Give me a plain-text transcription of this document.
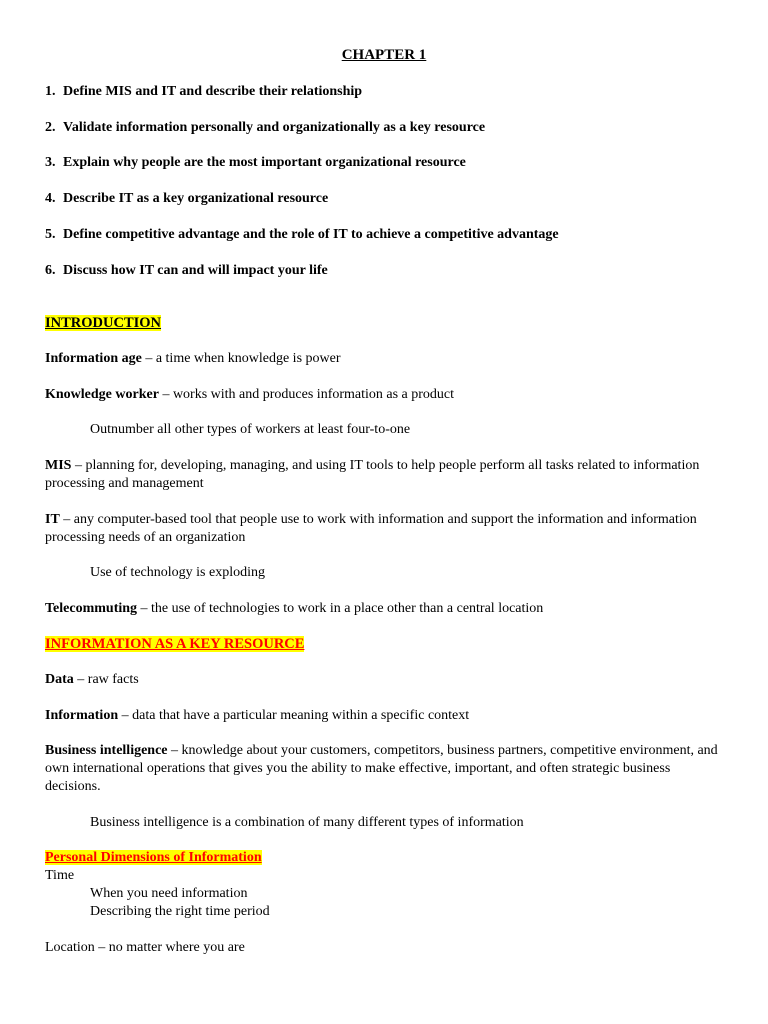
CHAPTER 1
1. Define MIS and IT and describe their relationship
2. Validate information personally and organizationally as a key resource
3. Explain why people are the most important organizational resource
4. Describe IT as a key organizational resource
5. Define competitive advantage and the role of IT to achieve a competitive advantage
6. Discuss how IT can and will impact your life
INTRODUCTION
Information age – a time when knowledge is power
Knowledge worker – works with and produces information as a product
Outnumber all other types of workers at least four-to-one
MIS – planning for, developing, managing, and using IT tools to help people perform all tasks related to information processing and management
IT – any computer-based tool that people use to work with information and support the information and information processing needs of an organization
Use of technology is exploding
Telecommuting – the use of technologies to work in a place other than a central location
INFORMATION AS A KEY RESOURCE
Data – raw facts
Information – data that have a particular meaning within a specific context
Business intelligence – knowledge about your customers, competitors, business partners, competitive environment, and own international operations that gives you the ability to make effective, important, and often strategic business decisions.
Business intelligence is a combination of many different types of information
Personal Dimensions of Information
Time
When you need information
Describing the right time period
Location – no matter where you are
